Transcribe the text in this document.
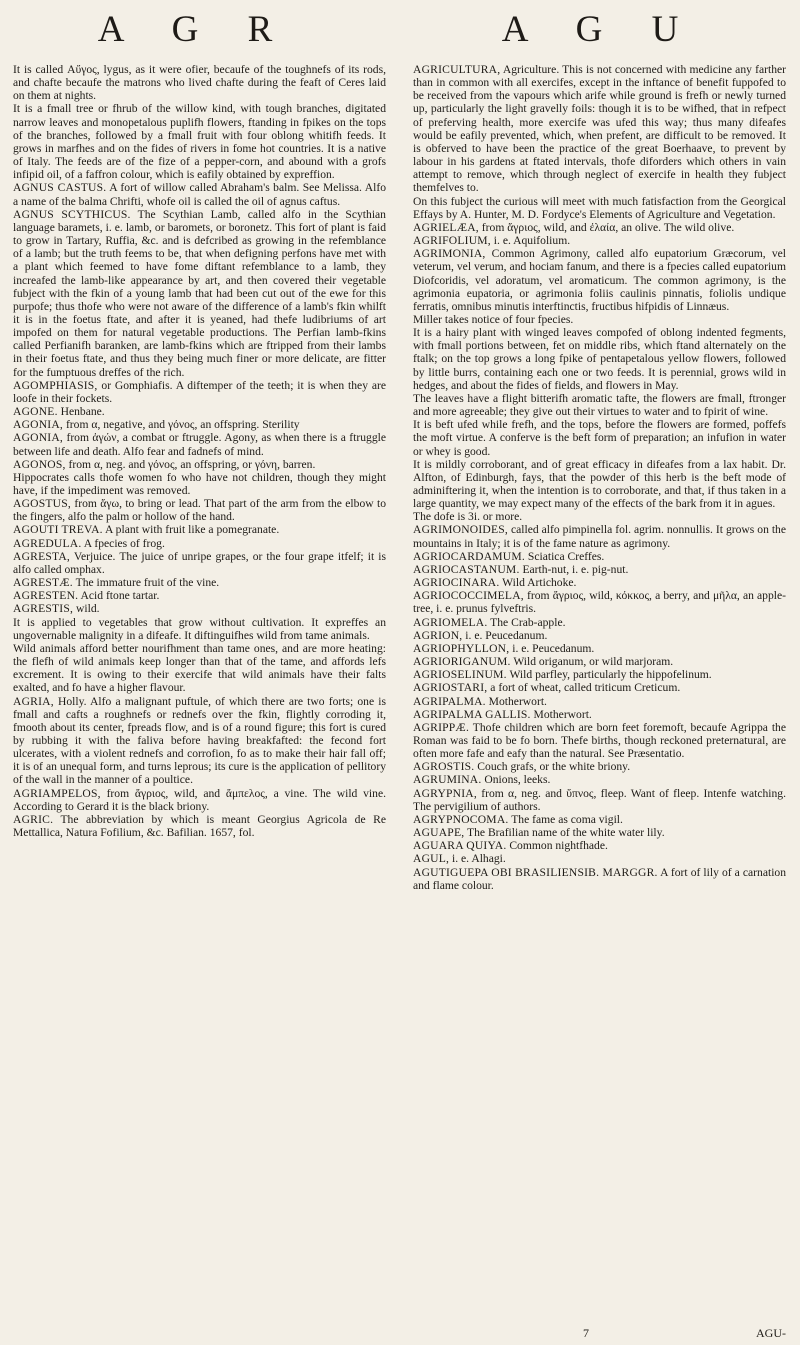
A G R	A G U

It is called Αὔγος, lygus, as it were ofier, becaufe of the toughnefs of its rods, and chafte becaufe the matrons who lived chafte during the feaft of Ceres laid on them at nights.

It is a fmall tree or fhrub of the willow kind, with tough branches, digitated narrow leaves and monopetalous puplifh flowers, ftanding in fpikes on the tops of the branches, followed by a fmall fruit with four oblong whitifh feeds. It grows in marfhes and on the fides of rivers in fome hot countries. It is a native of Italy. The feeds are of the fize of a pepper-corn, and abound with a grofs infipid oil, of a faffron colour, which is eafily obtained by expreffion.

AGNUS CASTUS. A fort of willow called Abraham's balm. See Melissa. Alfo a name of the balma Chrifti, whofe oil is called the oil of agnus caftus.

AGNUS SCYTHICUS. The Scythian Lamb, called alfo in the Scythian language baramets, i. e. lamb, or baromets, or boronetz. This fort of plant is faid to grow in Tartary, Ruffia, &c. and is defcribed as growing in the refemblance of a lamb; but the truth feems to be, that when defigning perfons have met with a plant which feemed to have fome diftant refemblance to a lamb, they increafed the lamb-like appearance by art, and then covered their vegetable fubject with the fkin of a young lamb that had been cut out of the ewe for this purpofe; thus thofe who were not aware of the difference of a lamb's fkin whilft it is in the foetus ftate, and after it is yeaned, had thefe ludibriums of art impofed on them for natural vegetable productions. The Perfian lamb-fkins called Perfianifh baranken, are lamb-fkins which are ftripped from their lambs in their foetus ftate, and thus they being much finer or more delicate, are fitter for the fumptuous dreffes of the rich.

AGOMPHIASIS, or Gomphiafis. A diftemper of the teeth; it is when they are loofe in their fockets.

AGONE. Henbane.

AGONIA, from α, negative, and γόνος, an offspring. Sterility

AGONIA, from ἀγών, a combat or ftruggle. Agony, as when there is a ftruggle between life and death. Alfo fear and fadnefs of mind.

AGONOS, from α, neg. and γόνος, an offspring, or γόνη, barren.

Hippocrates calls thofe women fo who have not children, though they might have, if the impediment was removed.

AGOSTUS, from ἄγω, to bring or lead. That part of the arm from the elbow to the fingers, alfo the palm or hollow of the hand.

AGOUTI TREVA. A plant with fruit like a pomegranate.

AGREDULA. A fpecies of frog.

AGRESTA, Verjuice. The juice of unripe grapes, or the four grape itfelf; it is alfo called omphax.

AGRESTÆ. The immature fruit of the vine.

AGRESTEN. Acid ftone tartar.

AGRESTIS, wild.

It is applied to vegetables that grow without cultivation. It expreffes an ungovernable malignity in a difeafe. It diftinguifhes wild from tame animals.

Wild animals afford better nourifhment than tame ones, and are more heating: the flefh of wild animals keep longer than that of the tame, and affords lefs excrement. It is owing to their exercife that wild animals have their falts exalted, and fo have a higher flavour.

AGRIA, Holly. Alfo a malignant puftule, of which there are two forts; one is fmall and cafts a roughnefs or rednefs over the fkin, flightly corroding it, fmooth about its center, fpreads flow, and is of a round figure; this fort is cured by rubbing it with the faliva before having breakfafted: the fecond fort ulcerates, with a violent rednefs and corrofion, fo as to make their hair fall off; it is of an unequal form, and turns leprous; its cure is the application of pellitory of the wall in the manner of a poultice.

AGRIAMPELOS, from ἄγριος, wild, and ἄμπελος, a vine. The wild vine. According to Gerard it is the black briony.

AGRIC. The abbreviation by which is meant Georgius Agricola de Re Mettallica, Natura Fofilium, &c. Bafilian. 1657, fol.

AGRICULTURA, Agriculture. This is not concerned with medicine any farther than in common with all exercifes, except in the inftance of benefit fuppofed to be received from the vapours which arife while ground is frefh or newly turned up, particularly the light gravelly foils: though it is to be wifhed, that in refpect of preferving health, more exercife was ufed this way; thus many difeafes would be eafily prevented, which, when prefent, are difficult to be removed. It is obferved to have been the practice of the great Boerhaave, to prevent by labour in his gardens at ftated intervals, thofe diforders which others in vain attempt to remove, which through neglect of exercife in health they fubject themfelves to.

On this fubject the curious will meet with much fatisfaction from the Georgical Effays by A. Hunter, M. D. Fordyce's Elements of Agriculture and Vegetation.

AGRIELÆA, from ἄγριος, wild, and ἐλαία, an olive. The wild olive.

AGRIFOLIUM, i. e. Aquifolium.

AGRIMONIA, Common Agrimony, called alfo eupatorium Græcorum, vel veterum, vel verum, and hociam fanum, and there is a fpecies called eupatorium Diofcoridis, vel adoratum, vel aromaticum. The common agrimony, is the agrimonia eupatoria, or agrimonia foliis caulinis pinnatis, foliolis undique ferratis, omnibus minutis interftinctis, fructibus hifpidis of Linnæus.

Miller takes notice of four fpecies.

It is a hairy plant with winged leaves compofed of oblong indented fegments, with fmall portions between, fet on middle ribs, which ftand alternately on the ftalk; on the top grows a long fpike of pentapetalous yellow flowers, followed by little burrs, containing each one or two feeds. It is perennial, grows wild in hedges, and about the fides of fields, and flowers in May.

The leaves have a flight bitterifh aromatic tafte, the flowers are fmall, ftronger and more agreeable; they give out their virtues to water and to fpirit of wine.

It is beft ufed while frefh, and the tops, before the flowers are formed, poffefs the moft virtue. A conferve is the beft form of preparation; an infufion in water or whey is good.

It is mildly corroborant, and of great efficacy in difeafes from a lax habit. Dr. Alfton, of Edinburgh, fays, that the powder of this herb is the beft mode of adminiftering it, when the intention is to corroborate, and that, if thus taken in a large quantity, we may expect many of the effects of the bark from it in agues.

The dofe is 3i. or more.

AGRIMONOIDES, called alfo pimpinella fol. agrim. nonnullis. It grows on the mountains in Italy; it is of the fame nature as agrimony.

AGRIOCARDAMUM. Sciatica Creffes.

AGRIOCASTANUM. Earth-nut, i. e. pig-nut.

AGRIOCINARA. Wild Artichoke.

AGRIOCOCCIMELA, from ἄγριος, wild, κόκκος, a berry, and μῆλα, an apple-tree, i. e. prunus fylveftris.

AGRIOMELA. The Crab-apple.

AGRION, i. e. Peucedanum.

AGRIOPHYLLON, i. e. Peucedanum.

AGRIORIGANUM. Wild origanum, or wild marjoram.

AGRIOSELINUM. Wild parfley, particularly the hippofelinum.

AGRIOSTARI, a fort of wheat, called triticum Creticum.

AGRIPALMA. Motherwort.

AGRIPALMA GALLIS. Motherwort.

AGRIPPÆ. Thofe children which are born feet foremoft, becaufe Agrippa the Roman was faid to be fo born. Thefe births, though reckoned preternatural, are often more fafe and eafy than the natural. See Præsentatio.

AGROSTIS. Couch grafs, or the white briony.

AGRUMINA. Onions, leeks.

AGRYPNIA, from α, neg. and ὕπνος, fleep. Want of fleep. Intenfe watching. The pervigilium of authors.

AGRYPNOCOMA. The fame as coma vigil.

AGUAPE, The Brafilian name of the white water lily.

AGUARA QUIYA. Common nightfhade.

AGUL, i. e. Alhagi.

AGUTIGUEPA OBI BRASILIENSIB. MARGGR. A fort of lily of a carnation and flame colour.

7	AGU-
